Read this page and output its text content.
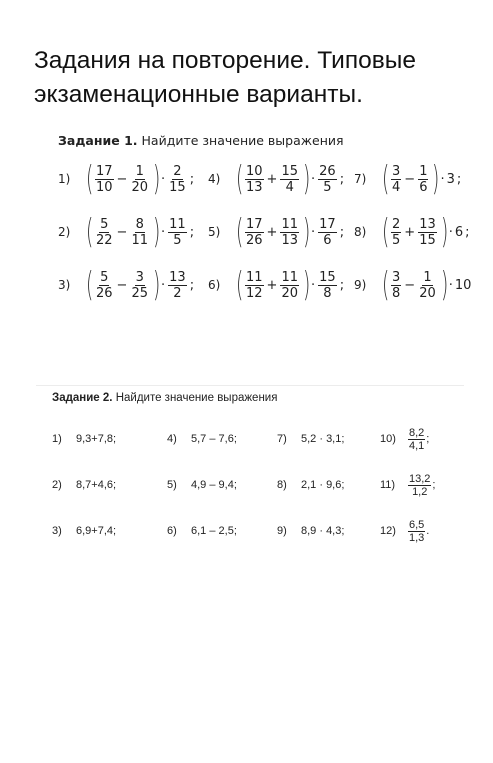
Задания на повторение. Типовые экзаменационные варианты.
Задание 1. Найдите значение выражения
1) ( $\frac{17}{10} - \frac{1}{20}$ ) · $\frac{2}{15}$ ; 4) ( $\frac{10}{13} + \frac{15}{4}$ ) · $\frac{26}{5}$ ; 7) ( $\frac{3}{4} - \frac{1}{6}$ ) · 3 ;
2) ( $\frac{5}{22} - \frac{8}{11}$ ) · $\frac{11}{5}$ ; 5) ( $\frac{17}{26} + \frac{11}{13}$ ) · $\frac{17}{6}$ ; 8) ( $\frac{2}{5} + \frac{13}{15}$ ) · 6 ;
3) ( $\frac{5}{26} - \frac{3}{25}$ ) · $\frac{13}{2}$ ; 6) ( $\frac{11}{12} + \frac{11}{20}$ ) · $\frac{15}{8}$ ; 9) ( $\frac{3}{8} - \frac{1}{20}$ ) · 10
Задание 2. Найдите значение выражения
1)	9,3+7,8;	4)	5,7 – 7,6;	7)	5,2 · 3,1;	10)	$\frac{8,2}{4,1}$ ;
2)	8,7+4,6;	5)	4,9 – 9,4;	8)	2,1 · 9,6;	11)	$\frac{13,2}{1,2}$ ;
3)	6,9+7,4;	6)	6,1 – 2,5;	9)	8,9 · 4,3;	12)	$\frac{6,5}{1,3}$ .
